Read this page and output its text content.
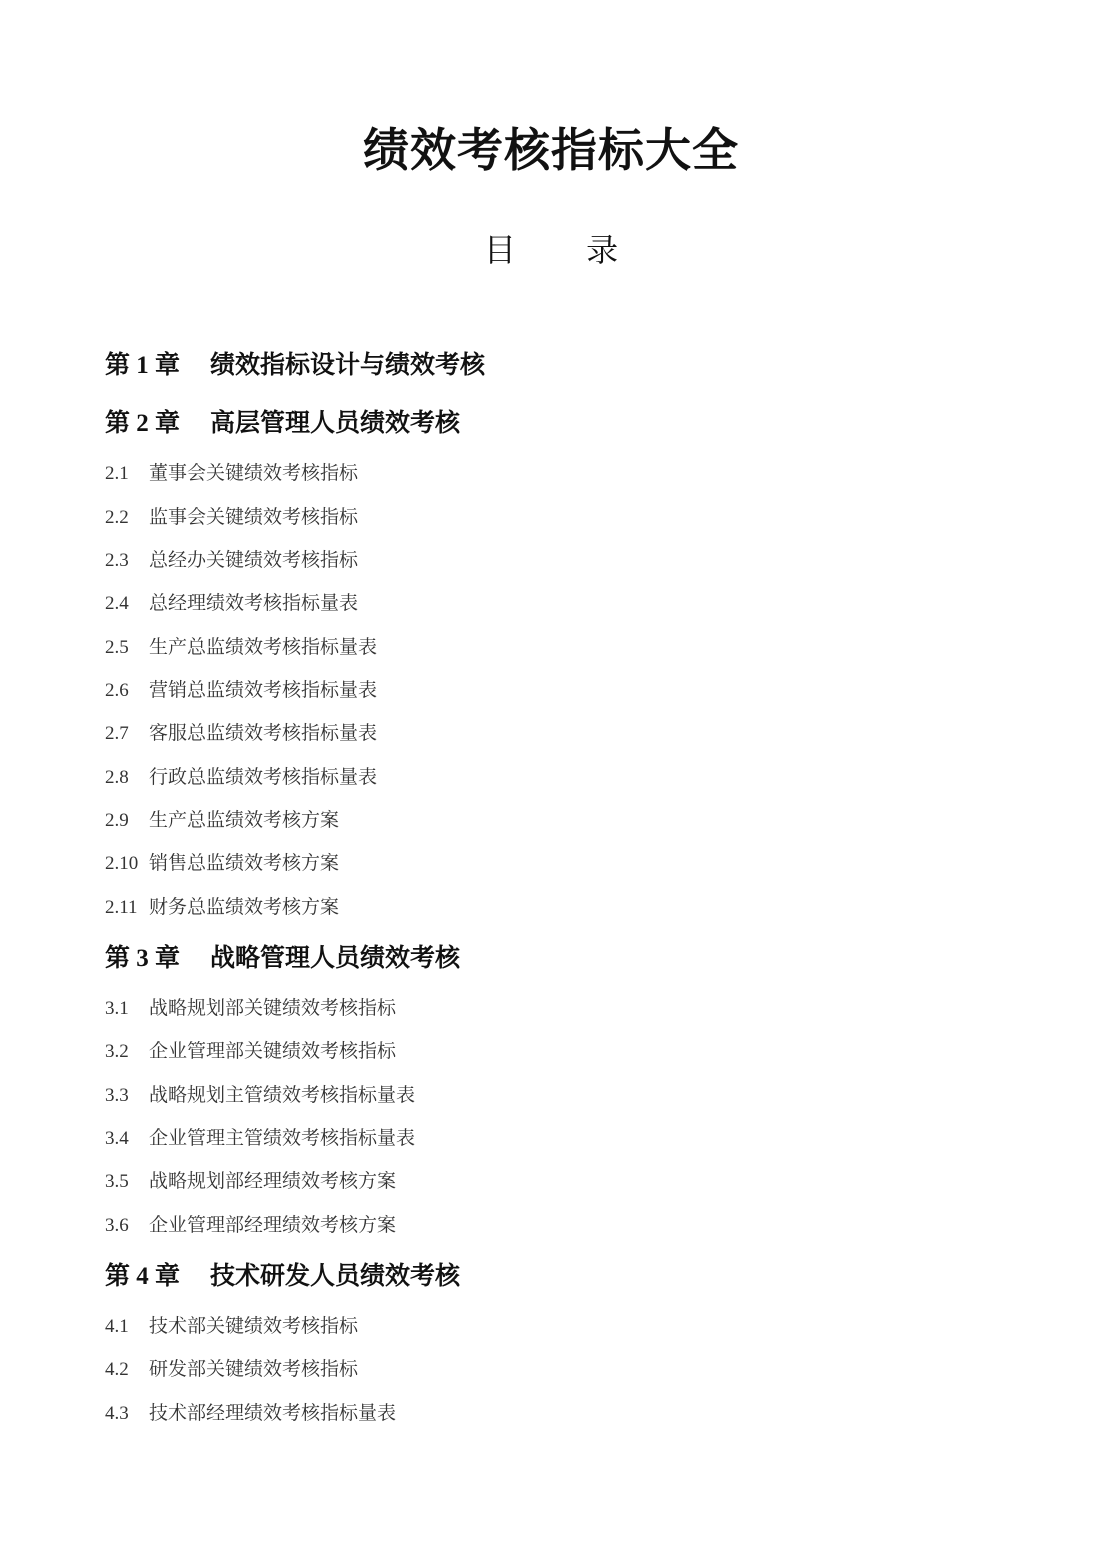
绩效考核指标大全
目 录
第 1 章	绩效指标设计与绩效考核
第 2 章	高层管理人员绩效考核
2.1	董事会关键绩效考核指标
2.2	监事会关键绩效考核指标
2.3	总经办关键绩效考核指标
2.4	总经理绩效考核指标量表
2.5	生产总监绩效考核指标量表
2.6	营销总监绩效考核指标量表
2.7	客服总监绩效考核指标量表
2.8	行政总监绩效考核指标量表
2.9	生产总监绩效考核方案
2.10 销售总监绩效考核方案
2.11 财务总监绩效考核方案
第 3 章	战略管理人员绩效考核
3.1	战略规划部关键绩效考核指标
3.2	企业管理部关键绩效考核指标
3.3	战略规划主管绩效考核指标量表
3.4	企业管理主管绩效考核指标量表
3.5	战略规划部经理绩效考核方案
3.6	企业管理部经理绩效考核方案
第 4 章	技术研发人员绩效考核
4.1	技术部关键绩效考核指标
4.2	研发部关键绩效考核指标
4.3	技术部经理绩效考核指标量表
